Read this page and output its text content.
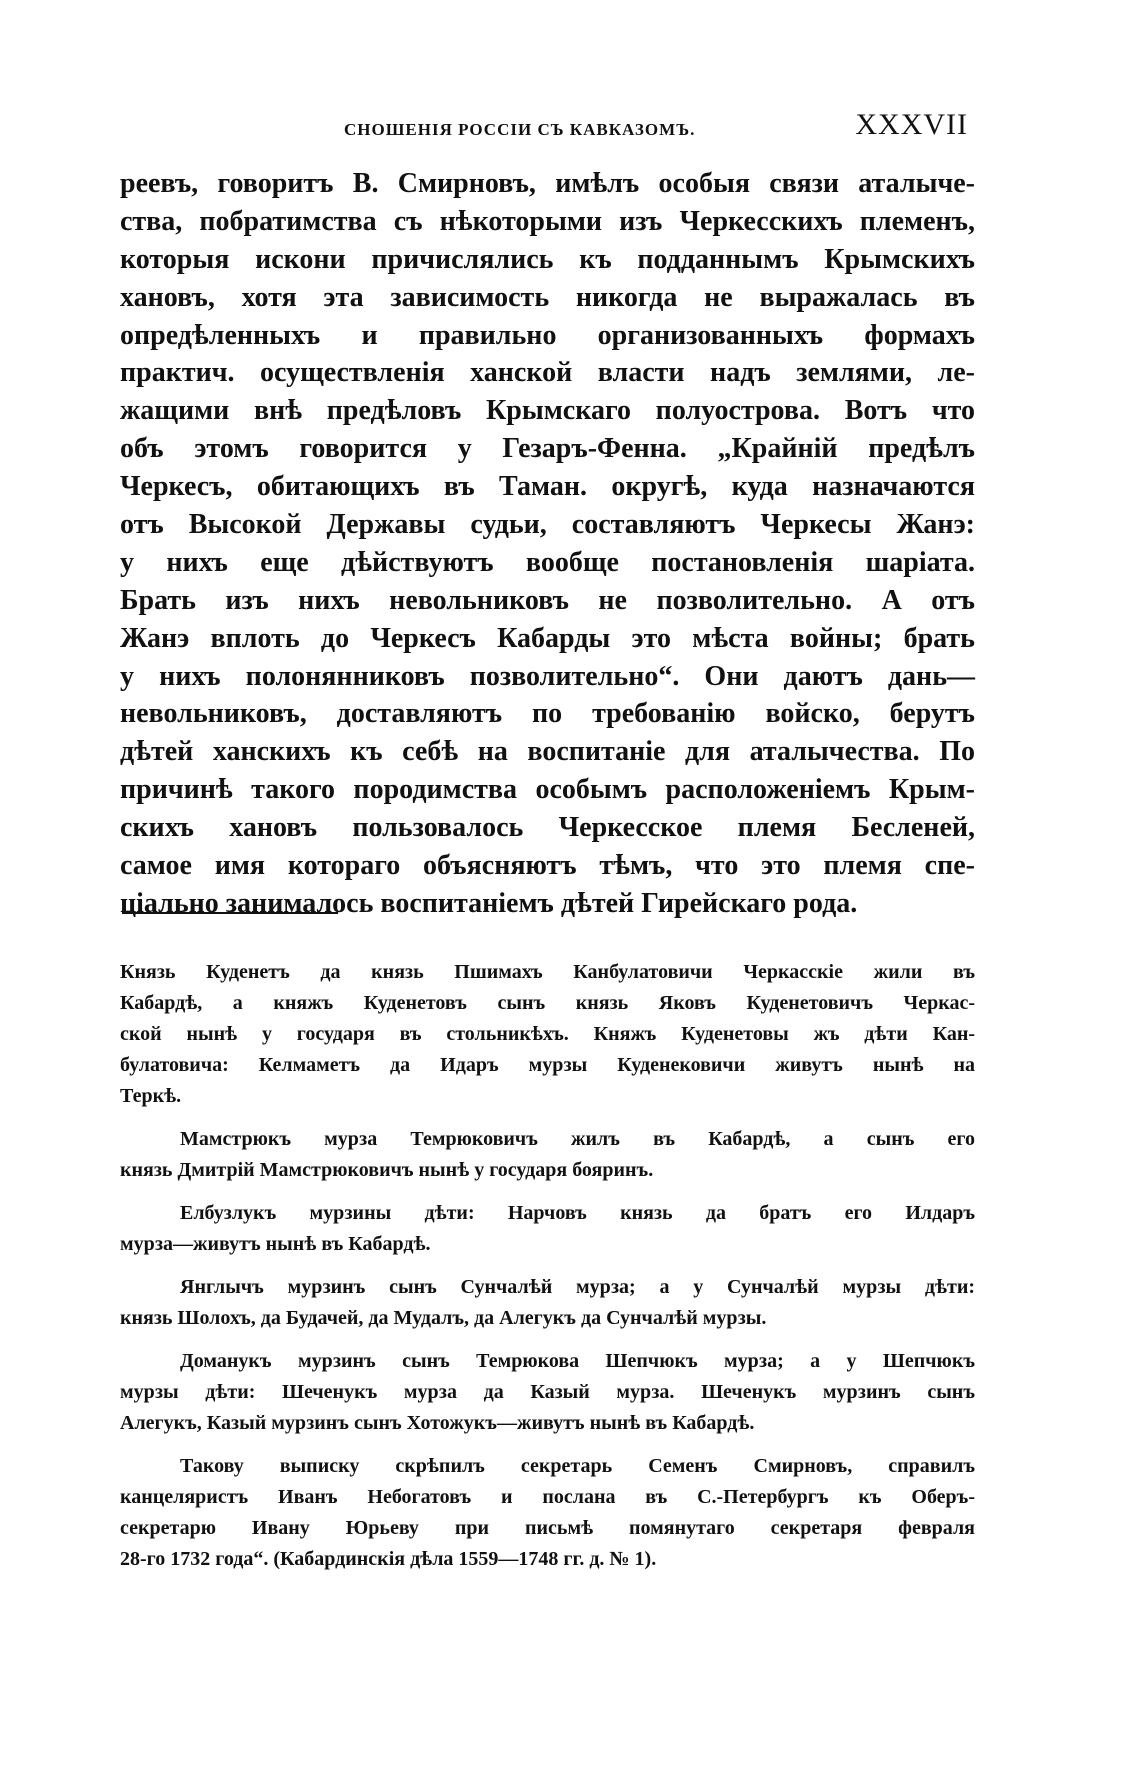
СНОШЕНІЯ РОССІИ СЪ КАВКАЗОМЪ.	XXXVII
реевъ, говоритъ В. Смирновъ, имѣлъ особыя связи аталыче-
ства, побратимства съ нѣкоторыми изъ Черкесскихъ племенъ,
которыя искони причислялись къ подданнымъ Крымскихъ
хановъ, хотя эта зависимость никогда не выражалась въ
опредѣленныхъ и правильно организованныхъ формахъ
практич. осуществленія ханской власти надъ землями, ле-
жащими внѣ предѣловъ Крымскаго полуострова. Вотъ что
объ этомъ говорится у Гезаръ-Фенна. „Крайній предѣлъ
Черкесъ, обитающихъ въ Таман. округѣ, куда назначаются
отъ Высокой Державы судьи, составляютъ Черкесы Жанэ:
у нихъ еще дѣйствуютъ вообще постановленія шаріата.
Брать изъ нихъ невольниковъ не позволительно. А отъ
Жанэ вплоть до Черкесъ Кабарды это мѣста войны; брать
у нихъ полонянниковъ позволительно“. Они даютъ дань—
невольниковъ, доставляютъ по требованію войско, берутъ
дѣтей ханскихъ къ себѣ на воспитаніе для аталычества. По
причинѣ такого породимства особымъ расположеніемъ Крым-
скихъ хановъ пользовалось Черкесское племя Бесленей,
самое имя котораго объясняютъ тѣмъ, что это племя спе-
ціально занималось воспитаніемъ дѣтей Гирейскаго рода.
Князь Куденетъ да князь Пшимахъ Канбулатовичи Черкасскіе жили въ
Кабардѣ, а княжъ Куденетовъ сынъ князь Яковъ Куденетовичъ Черкас-
ской нынѣ у государя въ стольникѣхъ. Княжъ Куденетовы жъ дѣти Кан-
булатовича: Келмаметъ да Идаръ мурзы Куденековичи живутъ нынѣ на
Теркѣ.
Мамстрюкъ мурза Темрюковичъ жилъ въ Кабардѣ, а сынъ его
князь Дмитрій Мамстрюковичъ нынѣ у государя бояринъ.
Елбузлукъ мурзины дѣти: Нарчовъ князь да братъ его Илдаръ
мурза—живутъ нынѣ въ Кабардѣ.
Янглычъ мурзинъ сынъ Сунчалѣй мурза; а у Сунчалѣй мурзы дѣти:
князь Шолохъ, да Будачей, да Мудалъ, да Алегукъ да Сунчалѣй мурзы.
Доманукъ мурзинъ сынъ Темрюкова Шепчюкъ мурза; а у Шепчюкъ
мурзы дѣти: Шеченукъ мурза да Казый мурза. Шеченукъ мурзинъ сынъ
Алегукъ, Казый мурзинъ сынъ Хотожукъ—живутъ нынѣ въ Кабардѣ.
Такову выписку скрѣпилъ секретарь Семенъ Смирновъ, справилъ
канцеляристъ Иванъ Небогатовъ и послана въ С.-Петербургъ къ Оберъ-
секретарю Ивану Юрьеву при письмѣ помянутаго секретаря февраля
28-го 1732 года“. (Кабардинскія дѣла 1559—1748 гг. д. № 1).
